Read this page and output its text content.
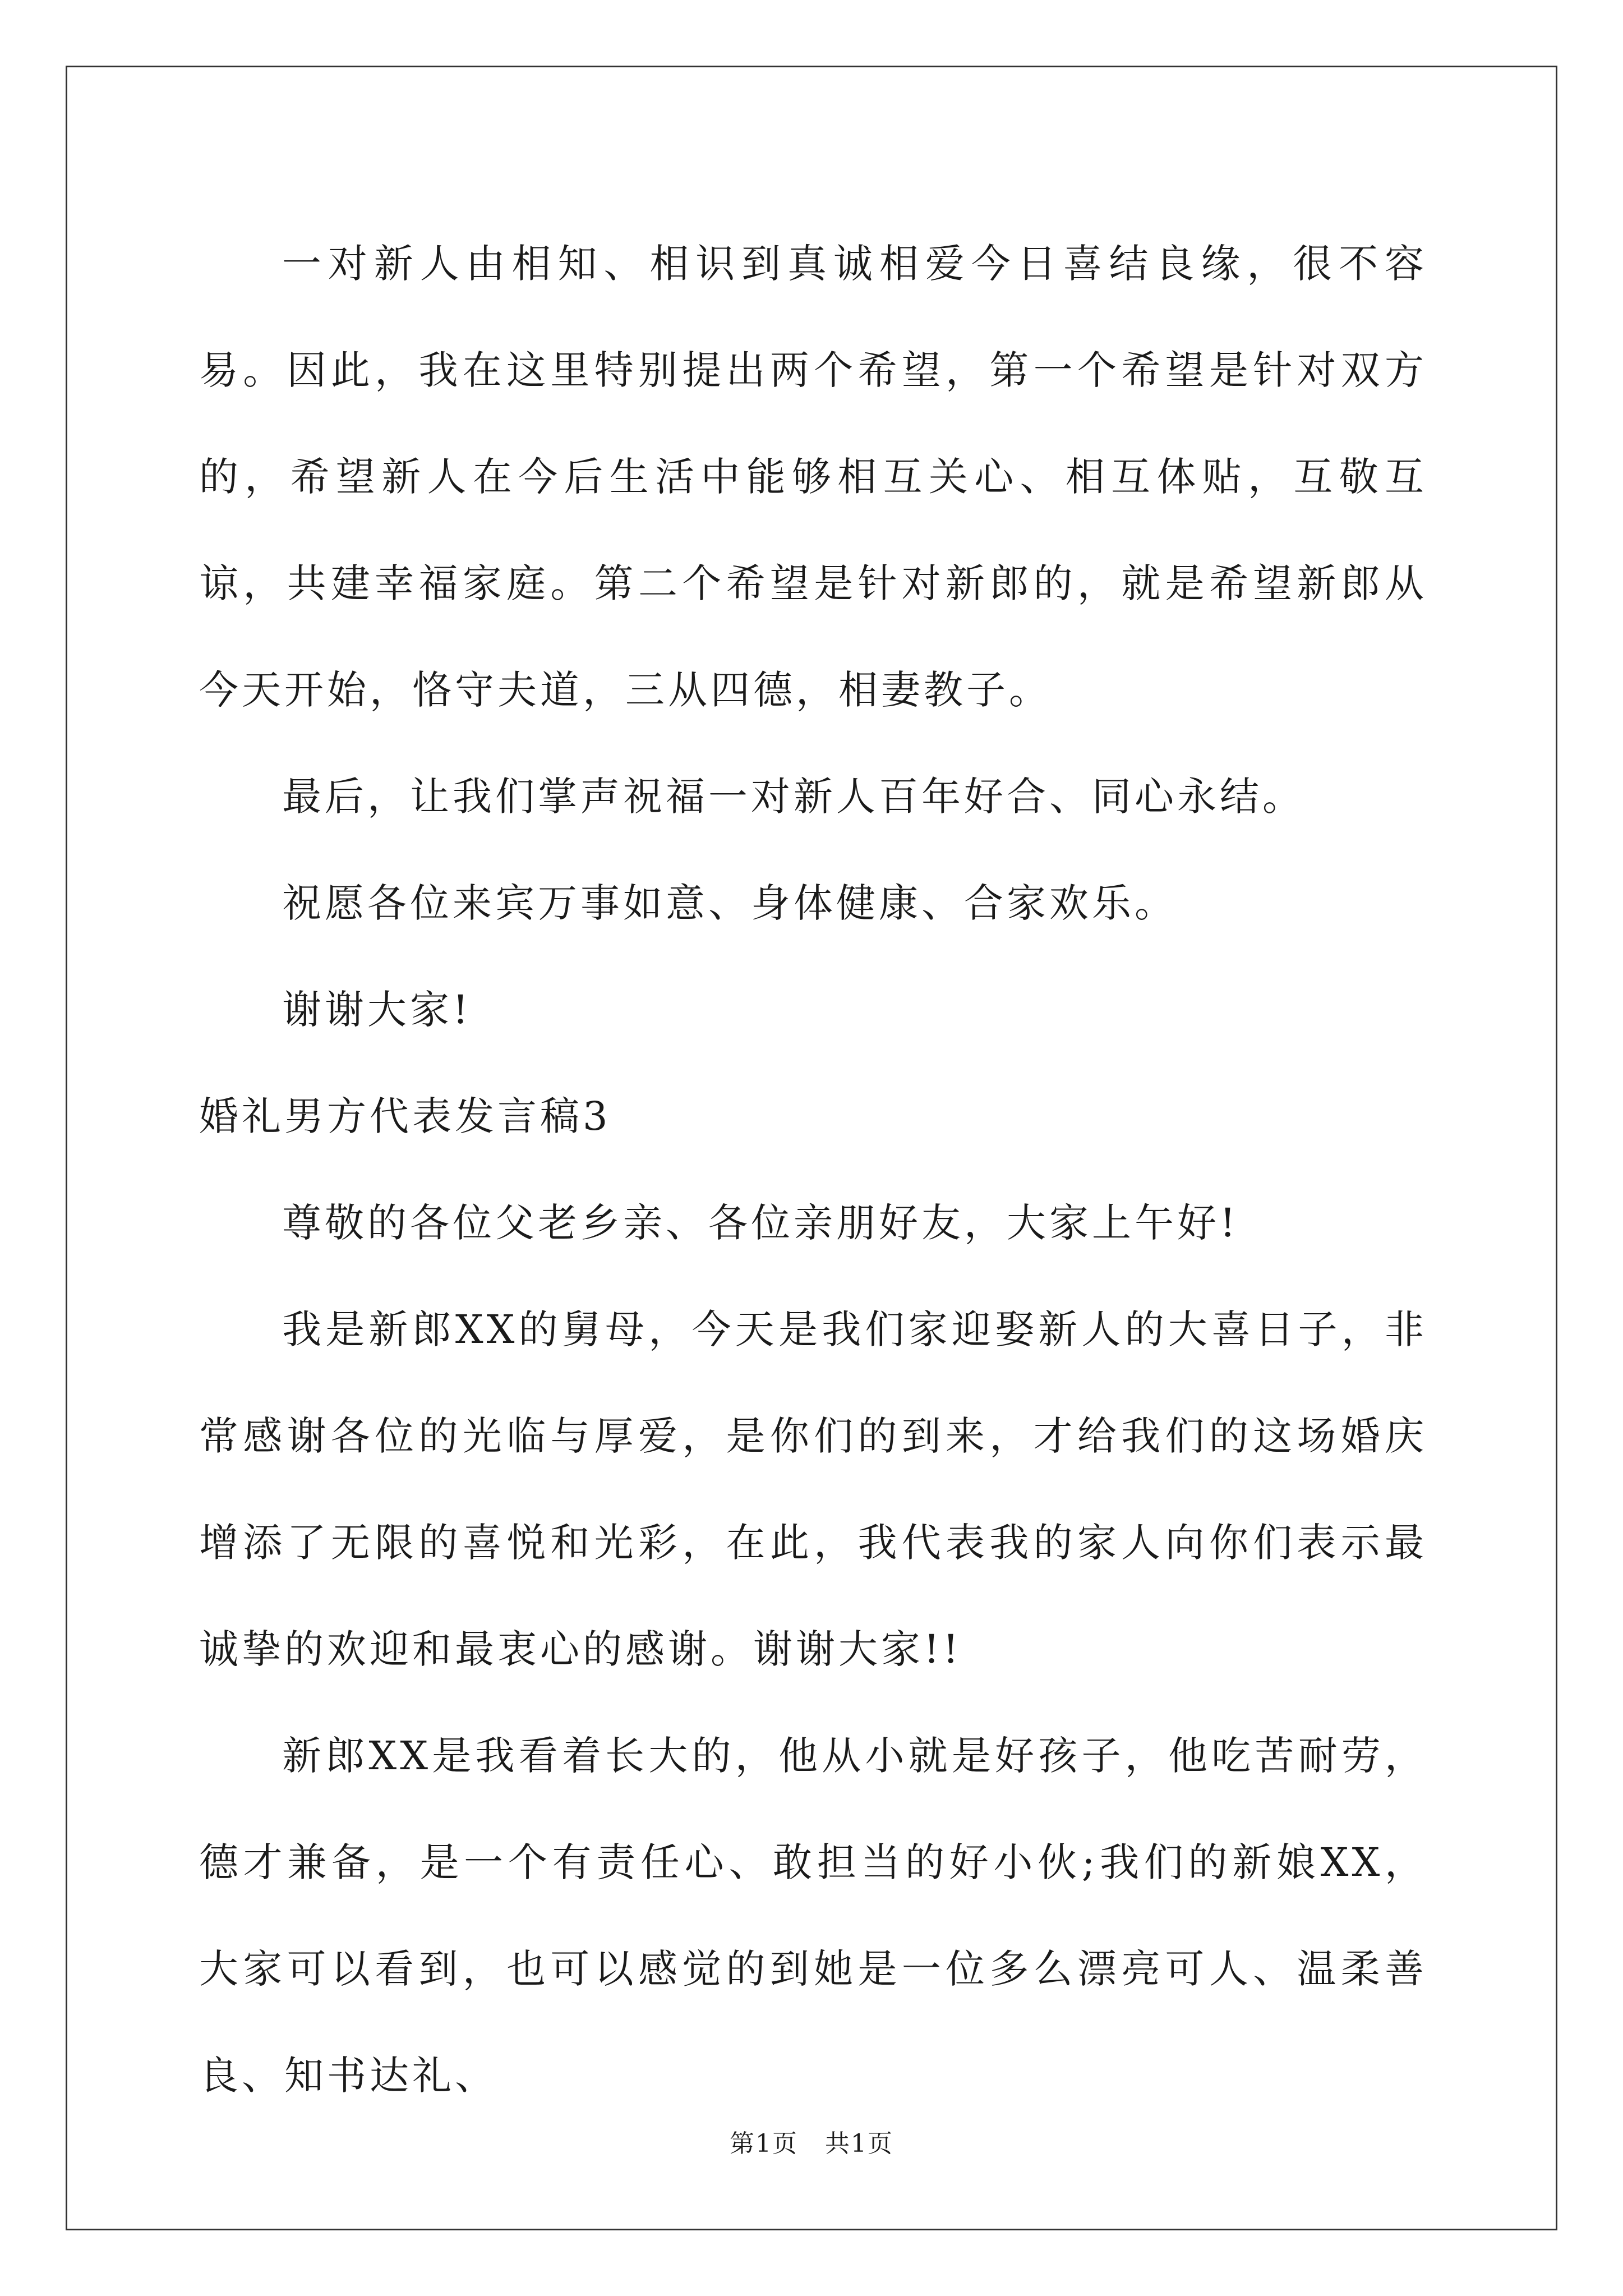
一对新人由相知、相识到真诚相爱今日喜结良缘，很不容易。因此，我在这里特别提出两个希望，第一个希望是针对双方的，希望新人在今后生活中能够相互关心、相互体贴，互敬互谅，共建幸福家庭。第二个希望是针对新郎的，就是希望新郎从今天开始，恪守夫道，三从四德，相妻教子。

最后，让我们掌声祝福一对新人百年好合、同心永结。

祝愿各位来宾万事如意、身体健康、合家欢乐。

谢谢大家!

婚礼男方代表发言稿3

尊敬的各位父老乡亲、各位亲朋好友，大家上午好!

我是新郎XX的舅母，今天是我们家迎娶新人的大喜日子，非常感谢各位的光临与厚爱，是你们的到来，才给我们的这场婚庆增添了无限的喜悦和光彩，在此，我代表我的家人向你们表示最诚挚的欢迎和最衷心的感谢。谢谢大家!!

新郎XX是我看着长大的，他从小就是好孩子，他吃苦耐劳，德才兼备，是一个有责任心、敢担当的好小伙;我们的新娘XX，大家可以看到，也可以感觉的到她是一位多么漂亮可人、温柔善良、知书达礼、

第1页 共1页
